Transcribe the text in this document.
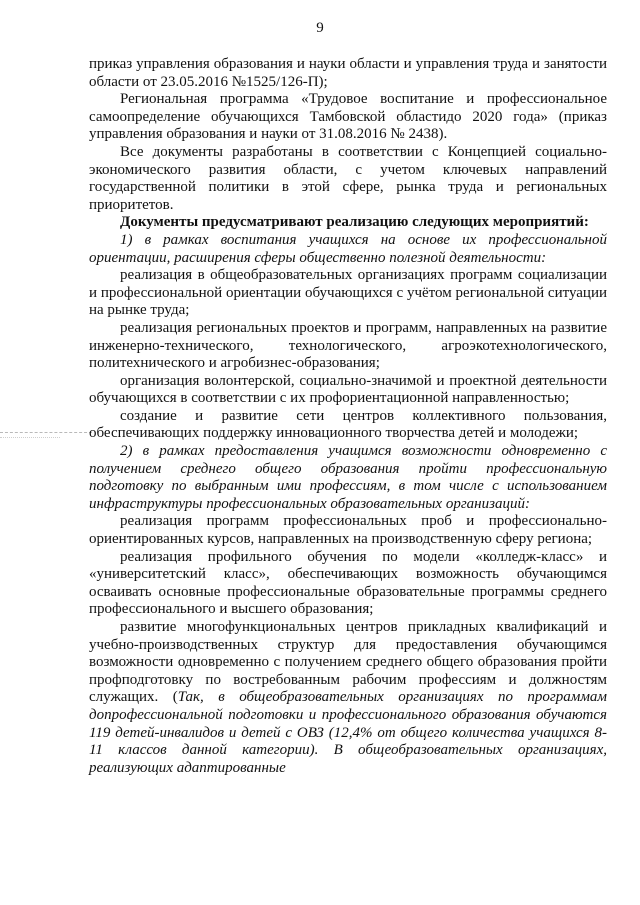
9

приказ управления образования и науки области и управления труда и занятости области от 23.05.2016 №1525/126-П);

Региональная программа «Трудовое воспитание и профессиональное самоопределение обучающихся Тамбовской областидо 2020 года» (приказ управления образования и науки от 31.08.2016 № 2438).

Все документы разработаны в соответствии с Концепцией социально-экономического развития области, с учетом ключевых направлений государственной политики в этой сфере, рынка труда и региональных приоритетов.

Документы предусматривают реализацию следующих мероприятий:

1) в рамках воспитания учащихся на основе их профессиональной ориентации, расширения сферы общественно полезной деятельности:

реализация в общеобразовательных организациях программ социализации и профессиональной ориентации обучающихся с учётом региональной ситуации на рынке труда;

реализация региональных проектов и программ, направленных на развитие инженерно-технического, технологического, агроэкотехнологического, политехнического и агробизнес-образования;

организация волонтерской, социально-значимой и проектной деятельности обучающихся в соответствии с их профориентационной направленностью;

создание и развитие сети центров коллективного пользования, обеспечивающих поддержку инновационного творчества детей и молодежи;

2) в рамках предоставления учащимся возможности одновременно с получением среднего общего образования пройти профессиональную подготовку по выбранным ими профессиям, в том числе с использованием инфраструктуры профессиональных образовательных организаций:

реализация программ профессиональных проб и профессионально-ориентированных курсов, направленных на производственную сферу региона;

реализация профильного обучения по модели «колледж-класс» и «университетский класс», обеспечивающих возможность обучающимся осваивать основные профессиональные образовательные программы среднего профессионального и высшего образования;

развитие многофункциональных центров прикладных квалификаций и учебно-производственных структур для предоставления обучающимся возможности одновременно с получением среднего общего образования пройти профподготовку по востребованным рабочим профессиям и должностям служащих. (Так, в общеобразовательных организациях по программам допрофессиональной подготовки и профессионального образования обучаются 119 детей-инвалидов и детей с ОВЗ (12,4% от общего количества учащихся 8-11 классов данной категории). В общеобразовательных организациях, реализующих адаптированные
